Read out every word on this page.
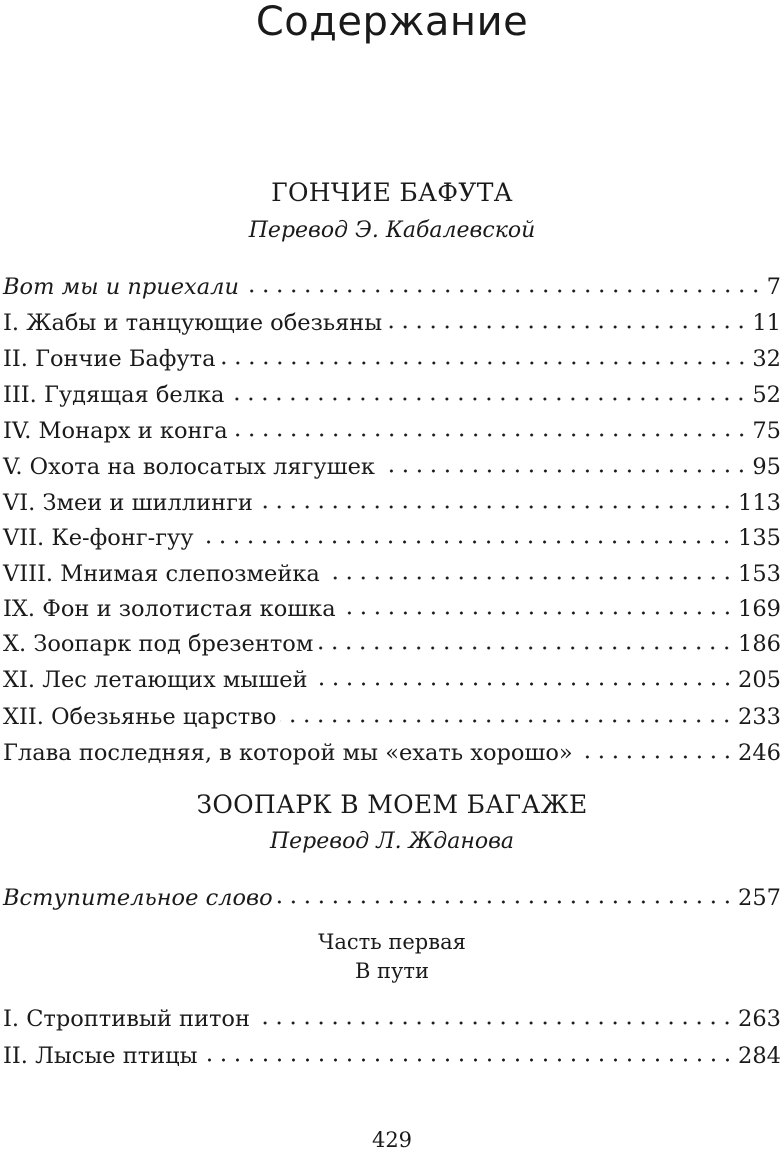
Содержание
ГОНЧИЕ БАФУТА
Перевод Э. Кабалевской
Вот мы и приехали	7
I. Жабы и танцующие обезьяны	11
II. Гончие Бафута	32
III. Гудящая белка	52
IV. Монарх и конга	75
V. Охота на волосатых лягушек	95
VI. Змеи и шиллинги	113
VII. Ке-фонг-гуу	135
VIII. Мнимая слепозмейка	153
IX. Фон и золотистая кошка	169
X. Зоопарк под брезентом	186
XI. Лес летающих мышей	205
XII. Обезьянье царство	233
Глава последняя, в которой мы «ехать хорошо»	246
ЗООПАРК В МОЕМ БАГАЖЕ
Перевод Л. Жданова
Вступительное слово	257
Часть первая
В пути
I. Строптивый питон	263
II. Лысые птицы	284
429
